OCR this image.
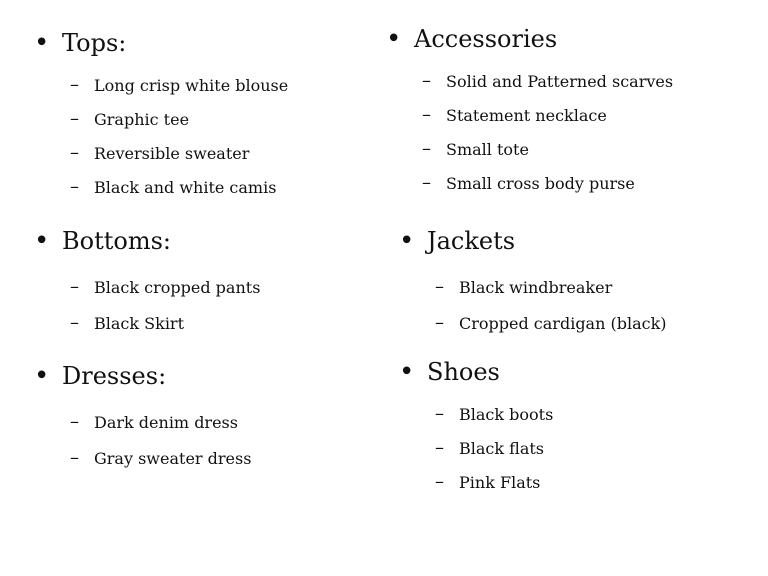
• Tops:
– Long crisp white blouse
– Graphic tee
– Reversible sweater
– Black and white camis
• Bottoms:
– Black cropped pants
– Black Skirt
• Dresses:
– Dark denim dress
– Gray sweater dress
• Accessories
– Solid and Patterned scarves
– Statement necklace
– Small tote
– Small cross body purse
• Jackets
– Black windbreaker
– Cropped cardigan (black)
• Shoes
– Black boots
– Black flats
– Pink Flats
